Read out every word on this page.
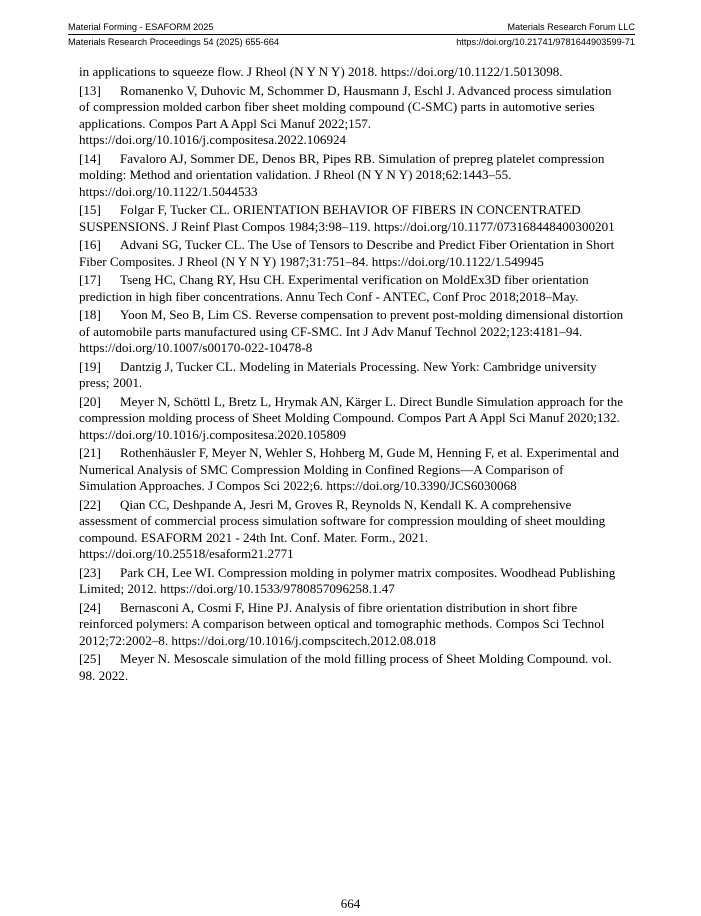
Material Forming - ESAFORM 2025	Materials Research Forum LLC
Materials Research Proceedings 54 (2025) 655-664	https://doi.org/10.21741/9781644903599-71

in applications to squeeze flow. J Rheol (N Y N Y) 2018. https://doi.org/10.1122/1.5013098.

[13] Romanenko V, Duhovic M, Schommer D, Hausmann J, Eschl J. Advanced process simulation of compression molded carbon fiber sheet molding compound (C-SMC) parts in automotive series applications. Compos Part A Appl Sci Manuf 2022;157. https://doi.org/10.1016/j.compositesa.2022.106924

[14] Favaloro AJ, Sommer DE, Denos BR, Pipes RB. Simulation of prepreg platelet compression molding: Method and orientation validation. J Rheol (N Y N Y) 2018;62:1443–55. https://doi.org/10.1122/1.5044533

[15] Folgar F, Tucker CL. ORIENTATION BEHAVIOR OF FIBERS IN CONCENTRATED SUSPENSIONS. J Reinf Plast Compos 1984;3:98–119. https://doi.org/10.1177/073168448400300201

[16] Advani SG, Tucker CL. The Use of Tensors to Describe and Predict Fiber Orientation in Short Fiber Composites. J Rheol (N Y N Y) 1987;31:751–84. https://doi.org/10.1122/1.549945

[17] Tseng HC, Chang RY, Hsu CH. Experimental verification on MoldEx3D fiber orientation prediction in high fiber concentrations. Annu Tech Conf - ANTEC, Conf Proc 2018;2018–May.

[18] Yoon M, Seo B, Lim CS. Reverse compensation to prevent post-molding dimensional distortion of automobile parts manufactured using CF-SMC. Int J Adv Manuf Technol 2022;123:4181–94. https://doi.org/10.1007/s00170-022-10478-8

[19] Dantzig J, Tucker CL. Modeling in Materials Processing. New York: Cambridge university press; 2001.

[20] Meyer N, Schöttl L, Bretz L, Hrymak AN, Kärger L. Direct Bundle Simulation approach for the compression molding process of Sheet Molding Compound. Compos Part A Appl Sci Manuf 2020;132. https://doi.org/10.1016/j.compositesa.2020.105809

[21] Rothenhäusler F, Meyer N, Wehler S, Hohberg M, Gude M, Henning F, et al. Experimental and Numerical Analysis of SMC Compression Molding in Confined Regions—A Comparison of Simulation Approaches. J Compos Sci 2022;6. https://doi.org/10.3390/JCS6030068

[22] Qian CC, Deshpande A, Jesri M, Groves R, Reynolds N, Kendall K. A comprehensive assessment of commercial process simulation software for compression moulding of sheet moulding compound. ESAFORM 2021 - 24th Int. Conf. Mater. Form., 2021. https://doi.org/10.25518/esaform21.2771

[23] Park CH, Lee WI. Compression molding in polymer matrix composites. Woodhead Publishing Limited; 2012. https://doi.org/10.1533/9780857096258.1.47

[24] Bernasconi A, Cosmi F, Hine PJ. Analysis of fibre orientation distribution in short fibre reinforced polymers: A comparison between optical and tomographic methods. Compos Sci Technol 2012;72:2002–8. https://doi.org/10.1016/j.compscitech.2012.08.018

[25] Meyer N. Mesoscale simulation of the mold filling process of Sheet Molding Compound. vol. 98. 2022.

664
